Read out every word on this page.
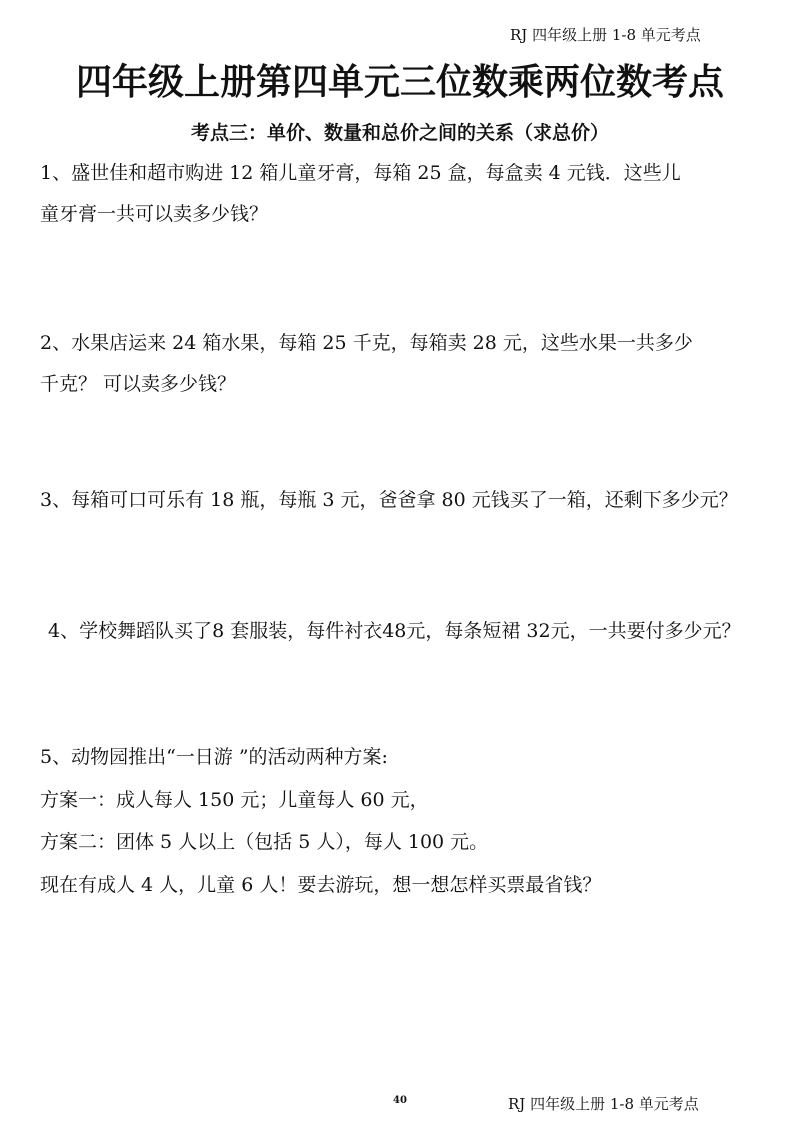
RJ 四年级上册 1-8 单元考点
四年级上册第四单元三位数乘两位数考点
考点三：单价、数量和总价之间的关系（求总价）
1、盛世佳和超市购进 12 箱儿童牙膏，每箱 25 盒，每盒卖 4 元钱．这些儿
童牙膏一共可以卖多少钱？
2、水果店运来 24 箱水果，每箱 25 千克，每箱卖 28 元，这些水果一共多少
千克？ 可以卖多少钱？
3、每箱可口可乐有 18 瓶，每瓶 3 元，爸爸拿 80 元钱买了一箱，还剩下多少元？
4、学校舞蹈队买了8 套服装，每件衬衣48元，每条短裙 32元，一共要付多少元？
5、动物园推出“一日游 ”的活动两种方案:
方案一：成人每人 150 元；儿童每人 60 元，
方案二：团体 5 人以上（包括 5 人），每人 100 元。
现在有成人 4 人，儿童 6 人！要去游玩，想一想怎样买票最省钱？
40	RJ 四年级上册 1-8 单元考点
